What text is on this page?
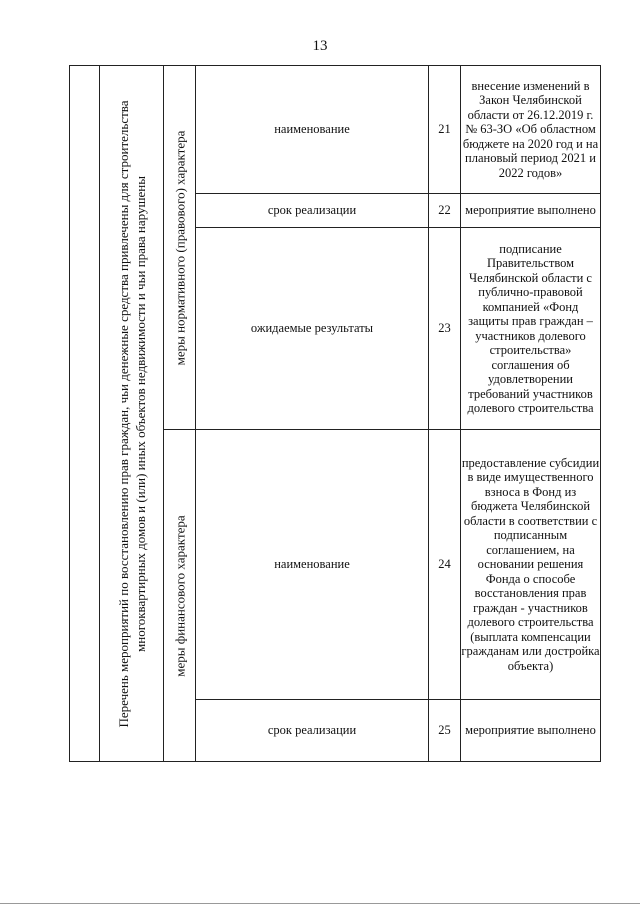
13

	Перечень мероприятий по восстановлению прав граждан, чьи денежные средства привлечены для строительства многоквартирных домов и (или) иных объектов недвижимости и чьи права нарушены	меры нормативного (правового) характера	наименование	21	внесение изменений в Закон Челябинской области от 26.12.2019 г. № 63-ЗО «Об областном бюджете на 2020 год и на плановый период 2021 и 2022 годов»
			срок реализации	22	мероприятие выполнено
			ожидаемые результаты	23	подписание Правительством Челябинской области с публично-правовой компанией «Фонд защиты прав граждан – участников долевого строительства» соглашения об удовлетворении требований участников долевого строительства

		меры финансового характера	наименование	24	предоставление субсидии в виде имущественного взноса в Фонд из бюджета Челябинской области в соответствии с подписанным соглашением, на основании решения Фонда о способе восстановления прав граждан - участников долевого строительства (выплата компенсации гражданам или достройка объекта)
			срок реализации	25	мероприятие выполнено
